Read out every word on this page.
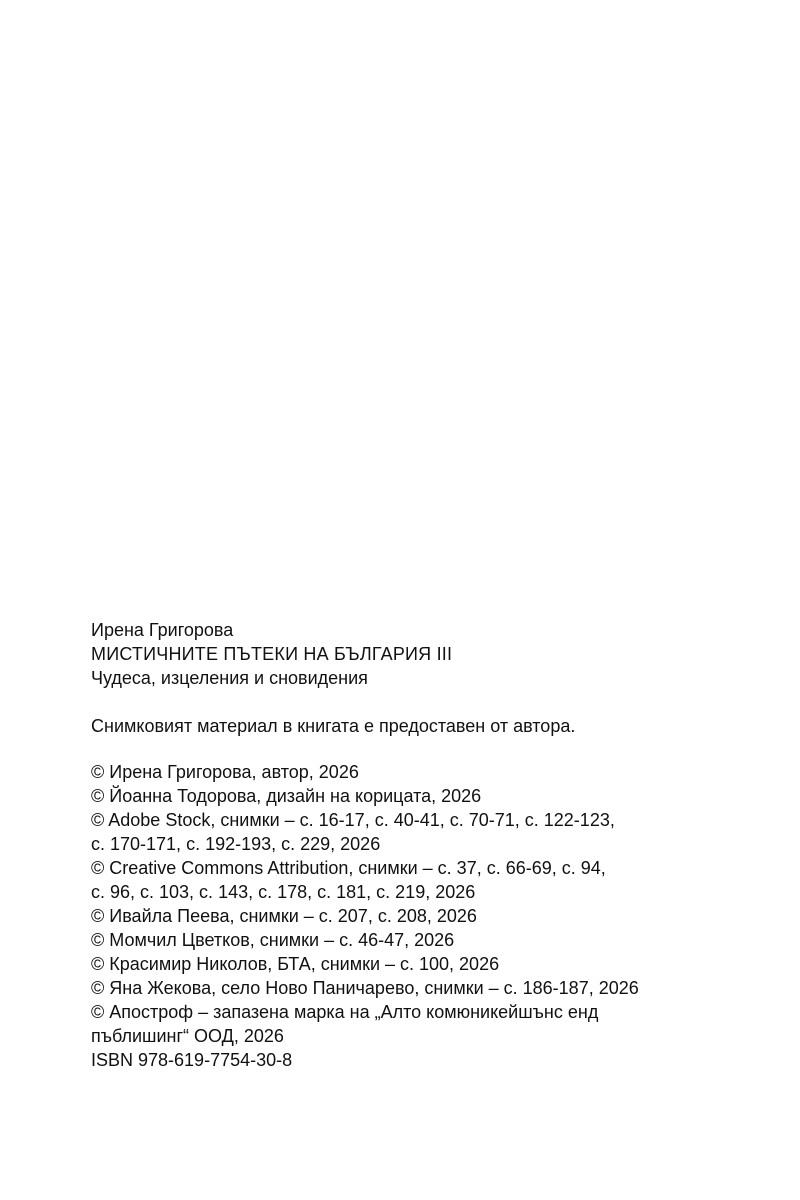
Ирена Григорова
МИСТИЧНИТЕ ПЪТЕКИ НА БЪЛГАРИЯ III
Чудеса, изцеления и сновидения
Снимковият материал в книгата е предоставен от автора.
© Ирена Григорова, автор, 2026
© Йоанна Тодорова, дизайн на корицата, 2026
© Adobe Stock, снимки – с. 16-17, с. 40-41, с. 70-71, с. 122-123,
с. 170-171, с. 192-193, с. 229, 2026
© Creative Commons Attribution, снимки – с. 37, с. 66-69, с. 94,
с. 96, с. 103, с. 143, с. 178, с. 181, с. 219, 2026
© Ивайла Пеева, снимки – с. 207, с. 208, 2026
© Момчил Цветков, снимки – с. 46-47, 2026
© Красимир Николов, БТА, снимки – с. 100, 2026
© Яна Жекова, село Ново Паничарево, снимки – с. 186-187, 2026
© Апостроф – запазена марка на „Алто комюникейшънс енд
пъблишинг“ ООД, 2026
ISBN 978-619-7754-30-8
